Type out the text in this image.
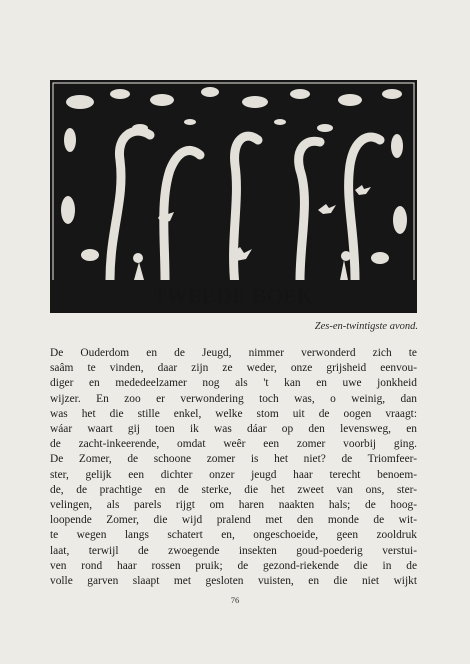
TWEEDE BOEK
Zes-en-twintigste avond.

De Ouderdom en de Jeugd, nimmer verwonderd zich te
saâm te vinden, daar zijn ze weder, onze grijsheid eenvou-
diger en mededeelzamer nog als 't kan en uwe jonkheid
wijzer. En zoo er verwondering toch was, o weinig, dan
was het die stille enkel, welke stom uit de oogen vraagt:
wáar waart gij toen ik was dáar op den levensweg, en
de zacht-inkeerende, omdat weêr een zomer voorbij ging.
De Zomer, de schoone zomer is het niet? de Triomfeer-
ster, gelijk een dichter onzer jeugd haar terecht benoem-
de, de prachtige en de sterke, die het zweet van ons, ster-
velingen, als parels rijgt om haren naakten hals; de hoog-
loopende Zomer, die wijd pralend met den monde de wit-
te wegen langs schatert en, ongeschoeide, geen zooldruk
laat, terwijl de zwoegende insekten goud-poederig verstui-
ven rond haar rossen pruik; de gezond-riekende die in de
volle garven slaapt met gesloten vuisten, en die niet wijkt

76
